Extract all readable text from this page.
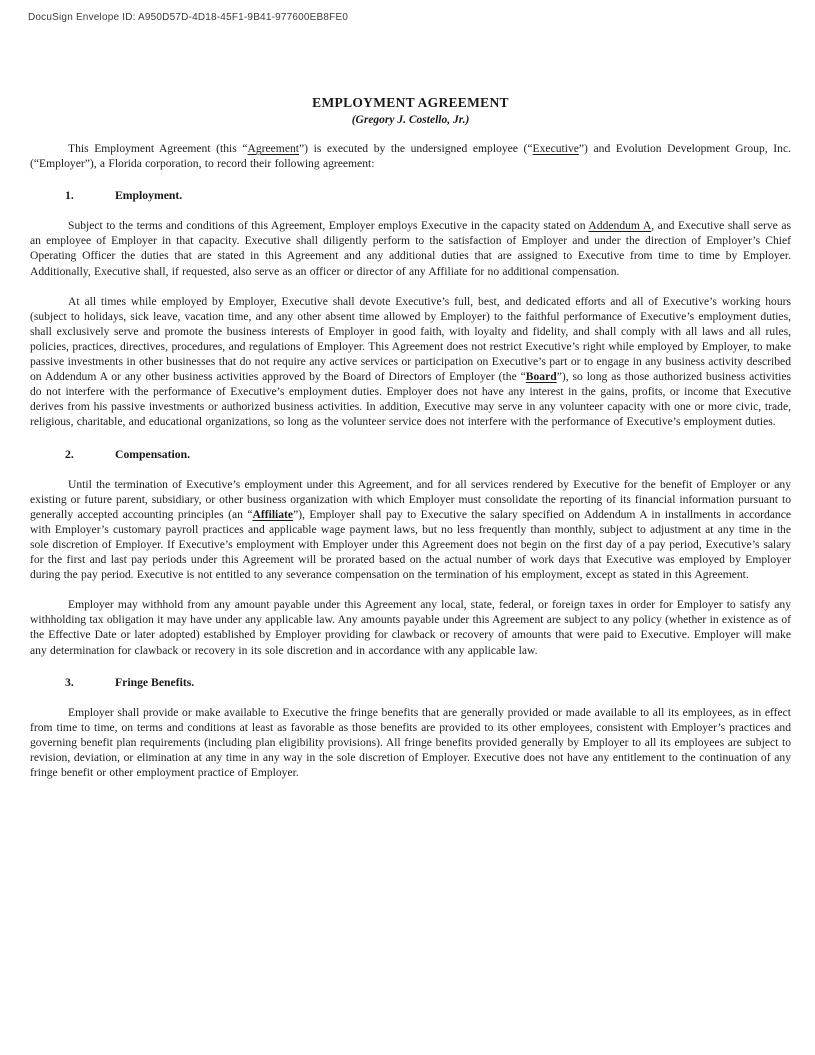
DocuSign Envelope ID: A950D57D-4D18-45F1-9B41-977600EB8FE0
EMPLOYMENT AGREEMENT
(Gregory J. Costello, Jr.)

This Employment Agreement (this “Agreement”) is executed by the undersigned employee (“Executive”) and Evolution Development Group, Inc. (“Employer”), a Florida corporation, to record their following agreement:

1.	Employment.

Subject to the terms and conditions of this Agreement, Employer employs Executive in the capacity stated on Addendum A, and Executive shall serve as an employee of Employer in that capacity. Executive shall diligently perform to the satisfaction of Employer and under the direction of Employer’s Chief Operating Officer the duties that are stated in this Agreement and any additional duties that are assigned to Executive from time to time by Employer. Additionally, Executive shall, if requested, also serve as an officer or director of any Affiliate for no additional compensation.

At all times while employed by Employer, Executive shall devote Executive’s full, best, and dedicated efforts and all of Executive’s working hours (subject to holidays, sick leave, vacation time, and any other absent time allowed by Employer) to the faithful performance of Executive’s employment duties, shall exclusively serve and promote the business interests of Employer in good faith, with loyalty and fidelity, and shall comply with all laws and all rules, policies, practices, directives, procedures, and regulations of Employer. This Agreement does not restrict Executive’s right while employed by Employer, to make passive investments in other businesses that do not require any active services or participation on Executive’s part or to engage in any business activity described on Addendum A or any other business activities approved by the Board of Directors of Employer (the “Board”), so long as those authorized business activities do not interfere with the performance of Executive’s employment duties. Employer does not have any interest in the gains, profits, or income that Executive derives from his passive investments or authorized business activities. In addition, Executive may serve in any volunteer capacity with one or more civic, trade, religious, charitable, and educational organizations, so long as the volunteer service does not interfere with the performance of Executive’s employment duties.

2.	Compensation.

Until the termination of Executive’s employment under this Agreement, and for all services rendered by Executive for the benefit of Employer or any existing or future parent, subsidiary, or other business organization with which Employer must consolidate the reporting of its financial information pursuant to generally accepted accounting principles (an “Affiliate”), Employer shall pay to Executive the salary specified on Addendum A in installments in accordance with Employer’s customary payroll practices and applicable wage payment laws, but no less frequently than monthly, subject to adjustment at any time in the sole discretion of Employer. If Executive’s employment with Employer under this Agreement does not begin on the first day of a pay period, Executive’s salary for the first and last pay periods under this Agreement will be prorated based on the actual number of work days that Executive was employed by Employer during the pay period. Executive is not entitled to any severance compensation on the termination of his employment, except as stated in this Agreement.

Employer may withhold from any amount payable under this Agreement any local, state, federal, or foreign taxes in order for Employer to satisfy any withholding tax obligation it may have under any applicable law. Any amounts payable under this Agreement are subject to any policy (whether in existence as of the Effective Date or later adopted) established by Employer providing for clawback or recovery of amounts that were paid to Executive. Employer will make any determination for clawback or recovery in its sole discretion and in accordance with any applicable law.

3.	Fringe Benefits.

Employer shall provide or make available to Executive the fringe benefits that are generally provided or made available to all its employees, as in effect from time to time, on terms and conditions at least as favorable as those benefits are provided to its other employees, consistent with Employer’s practices and governing benefit plan requirements (including plan eligibility provisions). All fringe benefits provided generally by Employer to all its employees are subject to revision, deviation, or elimination at any time in any way in the sole discretion of Employer. Executive does not have any entitlement to the continuation of any fringe benefit or other employment practice of Employer.
